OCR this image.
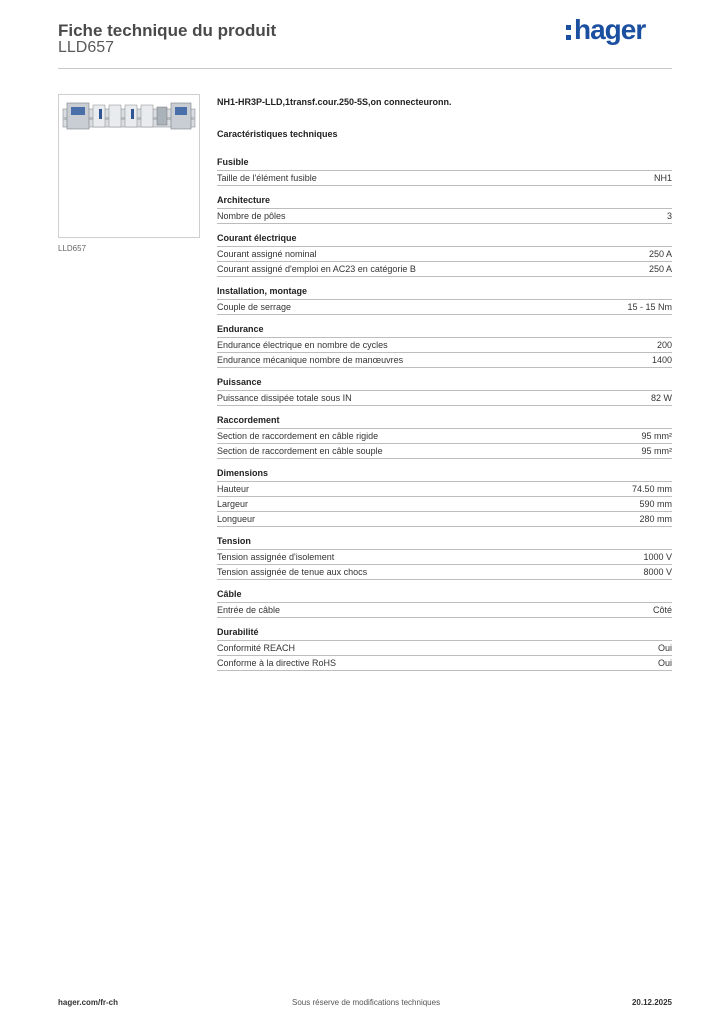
Fiche technique du produit
LLD657
hager
LLD657

NH1-HR3P-LLD,1transf.cour.250-5S,on connecteuronn.

Caractéristiques techniques

Fusible
Taille de l'élément fusible	NH1
Architecture
Nombre de pôles	3
Courant électrique
Courant assigné nominal	250 A
Courant assigné d'emploi en AC23 en catégorie B	250 A
Installation, montage
Couple de serrage	15 - 15 Nm
Endurance
Endurance électrique en nombre de cycles	200
Endurance mécanique nombre de manœuvres	1400
Puissance
Puissance dissipée totale sous IN	82 W
Raccordement
Section de raccordement en câble rigide	95 mm²
Section de raccordement en câble souple	95 mm²
Dimensions
Hauteur	74.50 mm
Largeur	590 mm
Longueur	280 mm
Tension
Tension assignée d'isolement	1000 V
Tension assignée de tenue aux chocs	8000 V
Câble
Entrée de câble	Côté
Durabilité
Conformité REACH	Oui
Conforme à la directive RoHS	Oui
hager.com/fr-ch	Sous réserve de modifications techniques	20.12.2025
